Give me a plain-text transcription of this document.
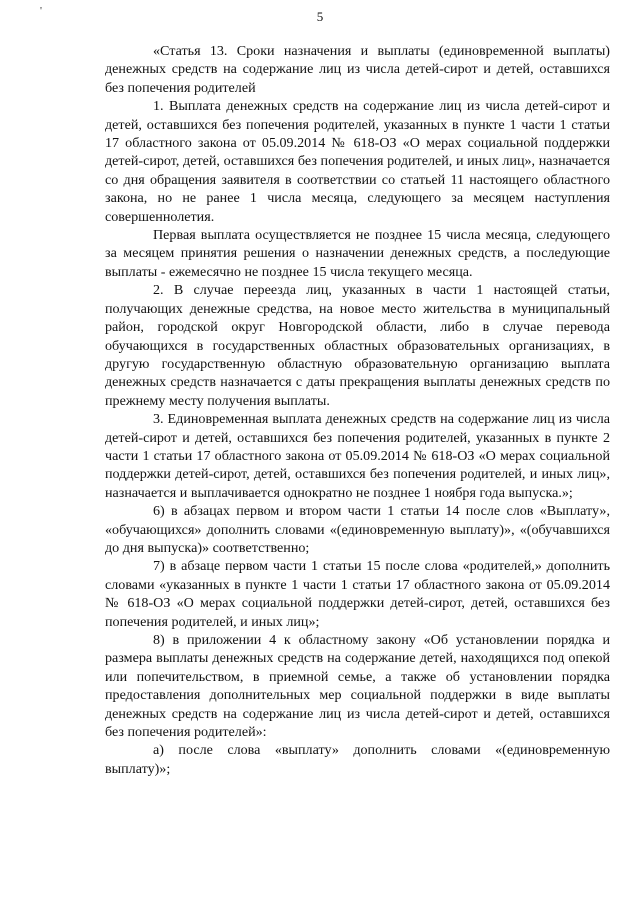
'	5

«Статья 13. Сроки назначения и выплаты (единовременной выплаты) денежных средств на содержание лиц из числа детей-сирот и детей, оставшихся без попечения родителей

1. Выплата денежных средств на содержание лиц из числа детей-сирот и детей, оставшихся без попечения родителей, указанных в пункте 1 части 1 статьи 17 областного закона от 05.09.2014 № 618-ОЗ «О мерах социальной поддержки детей-сирот, детей, оставшихся без попечения родителей, и иных лиц», назначается со дня обращения заявителя в соответствии со статьей 11 настоящего областного закона, но не ранее 1 числа месяца, следующего за месяцем наступления совершеннолетия.

Первая выплата осуществляется не позднее 15 числа месяца, следующего за месяцем принятия решения о назначении денежных средств, а последующие выплаты - ежемесячно не позднее 15 числа текущего месяца.

2. В случае переезда лиц, указанных в части 1 настоящей статьи, получающих денежные средства, на новое место жительства в муниципальный район, городской округ Новгородской области, либо в случае перевода обучающихся в государственных областных образовательных организациях, в другую государственную областную образовательную организацию выплата денежных средств назначается с даты прекращения выплаты денежных средств по прежнему месту получения выплаты.

3. Единовременная выплата денежных средств на содержание лиц из числа детей-сирот и детей, оставшихся без попечения родителей, указанных в пункте 2 части 1 статьи 17 областного закона от 05.09.2014 № 618-ОЗ «О мерах социальной поддержки детей-сирот, детей, оставшихся без попечения родителей, и иных лиц», назначается и выплачивается однократно не позднее 1 ноября года выпуска.»;

6) в абзацах первом и втором части 1 статьи 14 после слов «Выплату», «обучающихся» дополнить словами «(единовременную выплату)», «(обучавшихся до дня выпуска)» соответственно;

7) в абзаце первом части 1 статьи 15 после слова «родителей,» дополнить словами «указанных в пункте 1 части 1 статьи 17 областного закона от 05.09.2014 № 618-ОЗ «О мерах социальной поддержки детей-сирот, детей, оставшихся без попечения родителей, и иных лиц»;

8) в приложении 4 к областному закону «Об установлении порядка и размера выплаты денежных средств на содержание детей, находящихся под опекой или попечительством, в приемной семье, а также об установлении порядка предоставления дополнительных мер социальной поддержки в виде выплаты денежных средств на содержание лиц из числа детей-сирот и детей, оставшихся без попечения родителей»:

а) после слова «выплату» дополнить словами «(единовременную выплату)»;
